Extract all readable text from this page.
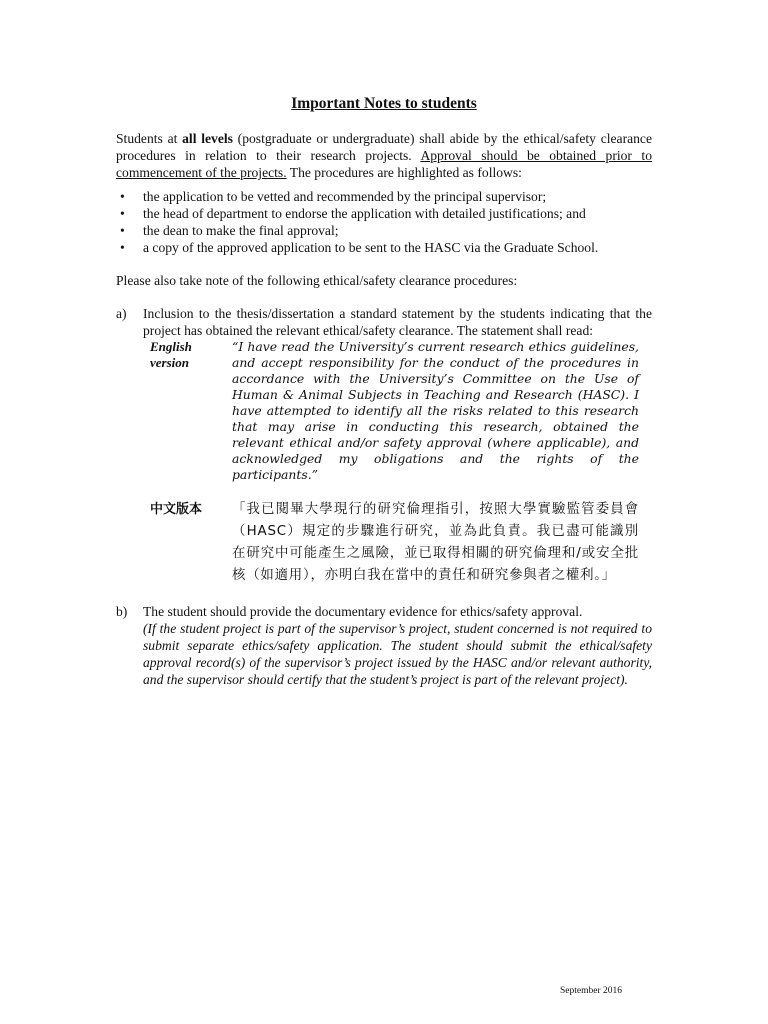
Important Notes to students

Students at all levels (postgraduate or undergraduate) shall abide by the ethical/safety clearance procedures in relation to their research projects. Approval should be obtained prior to commencement of the projects. The procedures are highlighted as follows:

• the application to be vetted and recommended by the principal supervisor;
• the head of department to endorse the application with detailed justifications; and
• the dean to make the final approval;
• a copy of the approved application to be sent to the HASC via the Graduate School.

Please also take note of the following ethical/safety clearance procedures:

a) Inclusion to the thesis/dissertation a standard statement by the students indicating that the project has obtained the relevant ethical/safety clearance. The statement shall read:
English
version
“I have read the University’s current research ethics guidelines, and accept responsibility for the conduct of the procedures in accordance with the University’s Committee on the Use of Human & Animal Subjects in Teaching and Research (HASC). I have attempted to identify all the risks related to this research that may arise in conducting this research, obtained the relevant ethical and/or safety approval (where applicable), and acknowledged my obligations and the rights of the participants.”
中文版本	「我已閱畢大學現行的研究倫理指引，按照大學實驗監管委員會（HASC）規定的步驟進行研究，並為此負責。我已盡可能識別在研究中可能產生之風險，並已取得相關的研究倫理和/或安全批核（如適用），亦明白我在當中的責任和研究參與者之權利。」
b) The student should provide the documentary evidence for ethics/safety approval.
(If the student project is part of the supervisor’s project, student concerned is not required to submit separate ethics/safety application. The student should submit the ethical/safety approval record(s) of the supervisor’s project issued by the HASC and/or relevant authority, and the supervisor should certify that the student’s project is part of the relevant project).
September 2016
